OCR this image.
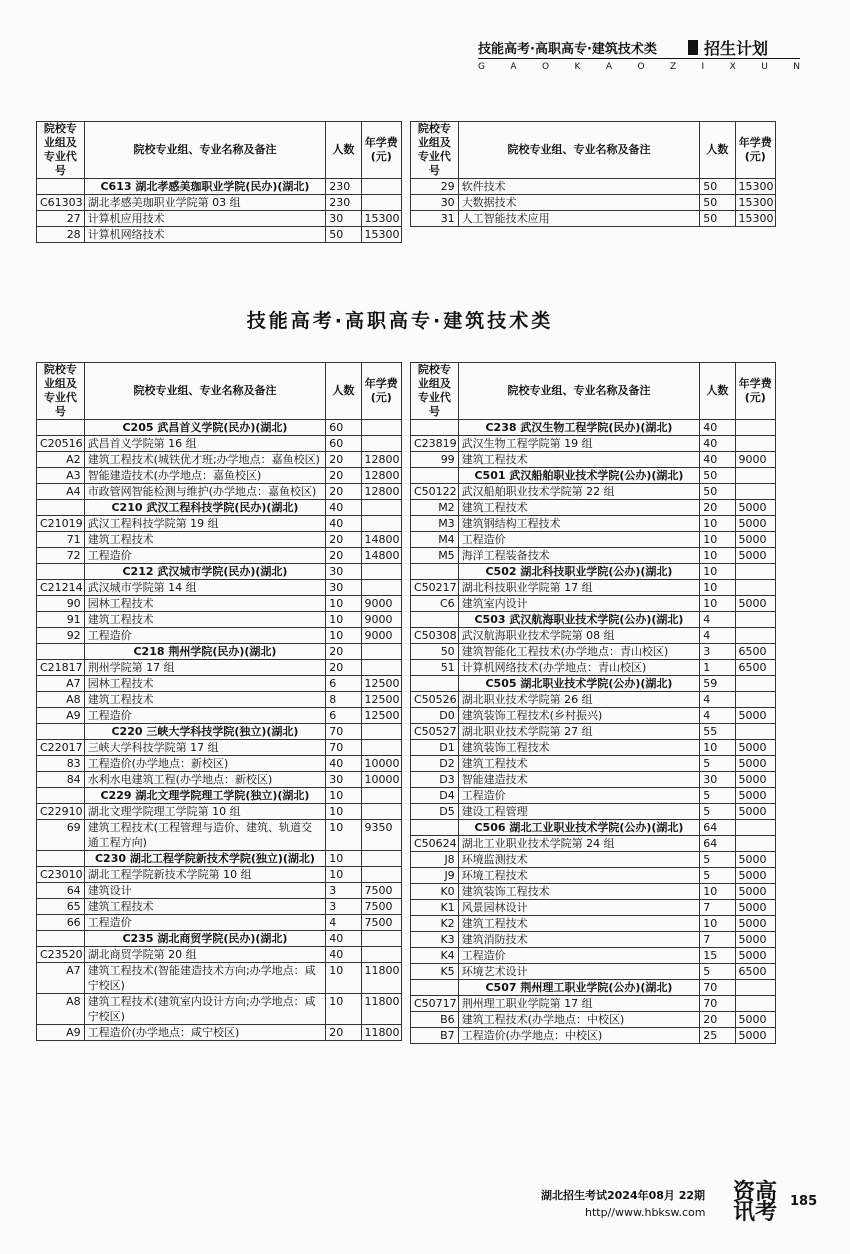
技能高考·高职高专·建筑技术类	招生计划
G	A	O	K	A	O	Z	I	X	U	N
院校专业组及专业代号	院校专业组、专业名称及备注	人数	年学费(元)
	C613 湖北孝感美珈职业学院(民办)(湖北)	230	
C61303	湖北孝感美珈职业学院第 03 组	230	
27	计算机应用技术	30	15300
28	计算机网络技术	50	15300
院校专业组及专业代号	院校专业组、专业名称及备注	人数	年学费(元)
29	软件技术	50	15300
30	大数据技术	50	15300
31	人工智能技术应用	50	15300
技能高考·高职高专·建筑技术类
院校专业组及专业代号	院校专业组、专业名称及备注	人数	年学费(元)
	C205 武昌首义学院(民办)(湖北)	60	
C20516	武昌首义学院第 16 组	60	
A2	建筑工程技术(城铁优才班;办学地点：嘉鱼校区)	20	12800
A3	智能建造技术(办学地点：嘉鱼校区)	20	12800
A4	市政管网智能检测与维护(办学地点：嘉鱼校区)	20	12800
	C210 武汉工程科技学院(民办)(湖北)	40	
C21019	武汉工程科技学院第 19 组	40	
71	建筑工程技术	20	14800
72	工程造价	20	14800
	C212 武汉城市学院(民办)(湖北)	30	
C21214	武汉城市学院第 14 组	30	
90	园林工程技术	10	9000
91	建筑工程技术	10	9000
92	工程造价	10	9000
	C218 荆州学院(民办)(湖北)	20	
C21817	荆州学院第 17 组	20	
A7	园林工程技术	6	12500
A8	建筑工程技术	8	12500
A9	工程造价	6	12500
	C220 三峡大学科技学院(独立)(湖北)	70	
C22017	三峡大学科技学院第 17 组	70	
83	工程造价(办学地点：新校区)	40	10000
84	水利水电建筑工程(办学地点：新校区)	30	10000
	C229 湖北文理学院理工学院(独立)(湖北)	10	
C22910	湖北文理学院理工学院第 10 组	10	
69	建筑工程技术(工程管理与造价、建筑、轨道交通工程方向)	10	9350
	C230 湖北工程学院新技术学院(独立)(湖北)	10	
C23010	湖北工程学院新技术学院第 10 组	10	
64	建筑设计	3	7500
65	建筑工程技术	3	7500
66	工程造价	4	7500
	C235 湖北商贸学院(民办)(湖北)	40	
C23520	湖北商贸学院第 20 组	40	
A7	建筑工程技术(智能建造技术方向;办学地点：咸宁校区)	10	11800
A8	建筑工程技术(建筑室内设计方向;办学地点：咸宁校区)	10	11800
A9	工程造价(办学地点：咸宁校区)	20	11800
院校专业组及专业代号	院校专业组、专业名称及备注	人数	年学费(元)
	C238 武汉生物工程学院(民办)(湖北)	40	
C23819	武汉生物工程学院第 19 组	40	
99	建筑工程技术	40	9000
	C501 武汉船舶职业技术学院(公办)(湖北)	50	
C50122	武汉船舶职业技术学院第 22 组	50	
M2	建筑工程技术	20	5000
M3	建筑钢结构工程技术	10	5000
M4	工程造价	10	5000
M5	海洋工程装备技术	10	5000
	C502 湖北科技职业学院(公办)(湖北)	10	
C50217	湖北科技职业学院第 17 组	10	
C6	建筑室内设计	10	5000
	C503 武汉航海职业技术学院(公办)(湖北)	4	
C50308	武汉航海职业技术学院第 08 组	4	
50	建筑智能化工程技术(办学地点：青山校区)	3	6500
51	计算机网络技术(办学地点：青山校区)	1	6500
	C505 湖北职业技术学院(公办)(湖北)	59	
C50526	湖北职业技术学院第 26 组	4	
D0	建筑装饰工程技术(乡村振兴)	4	5000
C50527	湖北职业技术学院第 27 组	55	
D1	建筑装饰工程技术	10	5000
D2	建筑工程技术	5	5000
D3	智能建造技术	30	5000
D4	工程造价	5	5000
D5	建设工程管理	5	5000
	C506 湖北工业职业技术学院(公办)(湖北)	64	
C50624	湖北工业职业技术学院第 24 组	64	
J8	环境监测技术	5	5000
J9	环境工程技术	5	5000
K0	建筑装饰工程技术	10	5000
K1	风景园林设计	7	5000
K2	建筑工程技术	10	5000
K3	建筑消防技术	7	5000
K4	工程造价	15	5000
K5	环境艺术设计	5	6500
	C507 荆州理工职业学院(公办)(湖北)	70	
C50717	荆州理工职业学院第 17 组	70	
B6	建筑工程技术(办学地点：中校区)	20	5000
B7	工程造价(办学地点：中校区)	25	5000
湖北招生考试2024年08月 22期
http//www.hbksw.com
资高
讯考 185
